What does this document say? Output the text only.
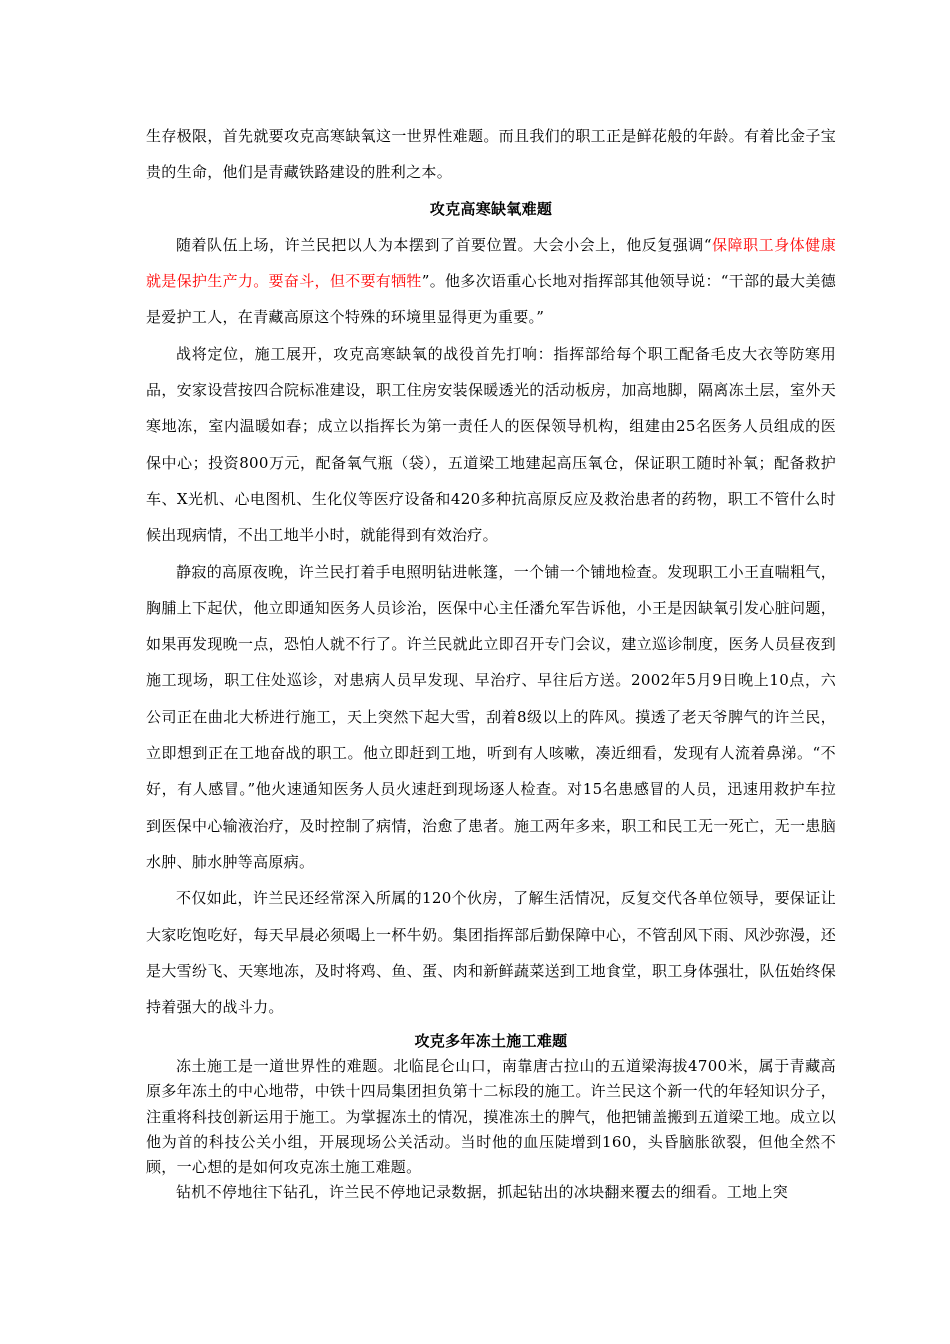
生存极限，首先就要攻克高寒缺氧这一世界性难题。而且我们的职工正是鲜花般的年龄。有着比金子宝贵的生命，他们是青藏铁路建设的胜利之本。

攻克高寒缺氧难题

随着队伍上场，许兰民把以人为本摆到了首要位置。大会小会上，他反复强调“保障职工身体健康就是保护生产力。要奋斗，但不要有牺牲”。他多次语重心长地对指挥部其他领导说：“干部的最大美德是爱护工人，在青藏高原这个特殊的环境里显得更为重要。”

战将定位，施工展开，攻克高寒缺氧的战役首先打响：指挥部给每个职工配备毛皮大衣等防寒用品，安家设营按四合院标准建设，职工住房安装保暖透光的活动板房，加高地脚，隔离冻土层，室外天寒地冻，室内温暖如春；成立以指挥长为第一责任人的医保领导机构，组建由25名医务人员组成的医保中心；投资800万元，配备氧气瓶（袋），五道梁工地建起高压氧仓，保证职工随时补氧；配备救护车、X光机、心电图机、生化仪等医疗设备和420多种抗高原反应及救治患者的药物，职工不管什么时候出现病情，不出工地半小时，就能得到有效治疗。

静寂的高原夜晚，许兰民打着手电照明钻进帐篷，一个铺一个铺地检查。发现职工小王直喘粗气，胸脯上下起伏，他立即通知医务人员诊治，医保中心主任潘允军告诉他，小王是因缺氧引发心脏问题，如果再发现晚一点，恐怕人就不行了。许兰民就此立即召开专门会议，建立巡诊制度，医务人员昼夜到施工现场，职工住处巡诊，对患病人员早发现、早治疗、早往后方送。2002年5月9日晚上10点，六公司正在曲北大桥进行施工，天上突然下起大雪，刮着8级以上的阵风。摸透了老天爷脾气的许兰民，立即想到正在工地奋战的职工。他立即赶到工地，听到有人咳嗽，凑近细看，发现有人流着鼻涕。“不好，有人感冒。”他火速通知医务人员火速赶到现场逐人检查。对15名患感冒的人员，迅速用救护车拉到医保中心输液治疗，及时控制了病情，治愈了患者。施工两年多来，职工和民工无一死亡，无一患脑水肿、肺水肿等高原病。

不仅如此，许兰民还经常深入所属的120个伙房，了解生活情况，反复交代各单位领导，要保证让大家吃饱吃好，每天早晨必须喝上一杯牛奶。集团指挥部后勤保障中心，不管刮风下雨、风沙弥漫，还是大雪纷飞、天寒地冻，及时将鸡、鱼、蛋、肉和新鲜蔬菜送到工地食堂，职工身体强壮，队伍始终保持着强大的战斗力。

攻克多年冻土施工难题

冻土施工是一道世界性的难题。北临昆仑山口，南靠唐古拉山的五道梁海拔4700米，属于青藏高原多年冻土的中心地带，中铁十四局集团担负第十二标段的施工。许兰民这个新一代的年轻知识分子，注重将科技创新运用于施工。为掌握冻土的情况，摸准冻土的脾气，他把铺盖搬到五道梁工地。成立以他为首的科技公关小组，开展现场公关活动。当时他的血压陡增到160，头昏脑胀欲裂，但他全然不顾，一心想的是如何攻克冻土施工难题。

钻机不停地往下钻孔，许兰民不停地记录数据，抓起钻出的冰块翻来覆去的细看。工地上突
